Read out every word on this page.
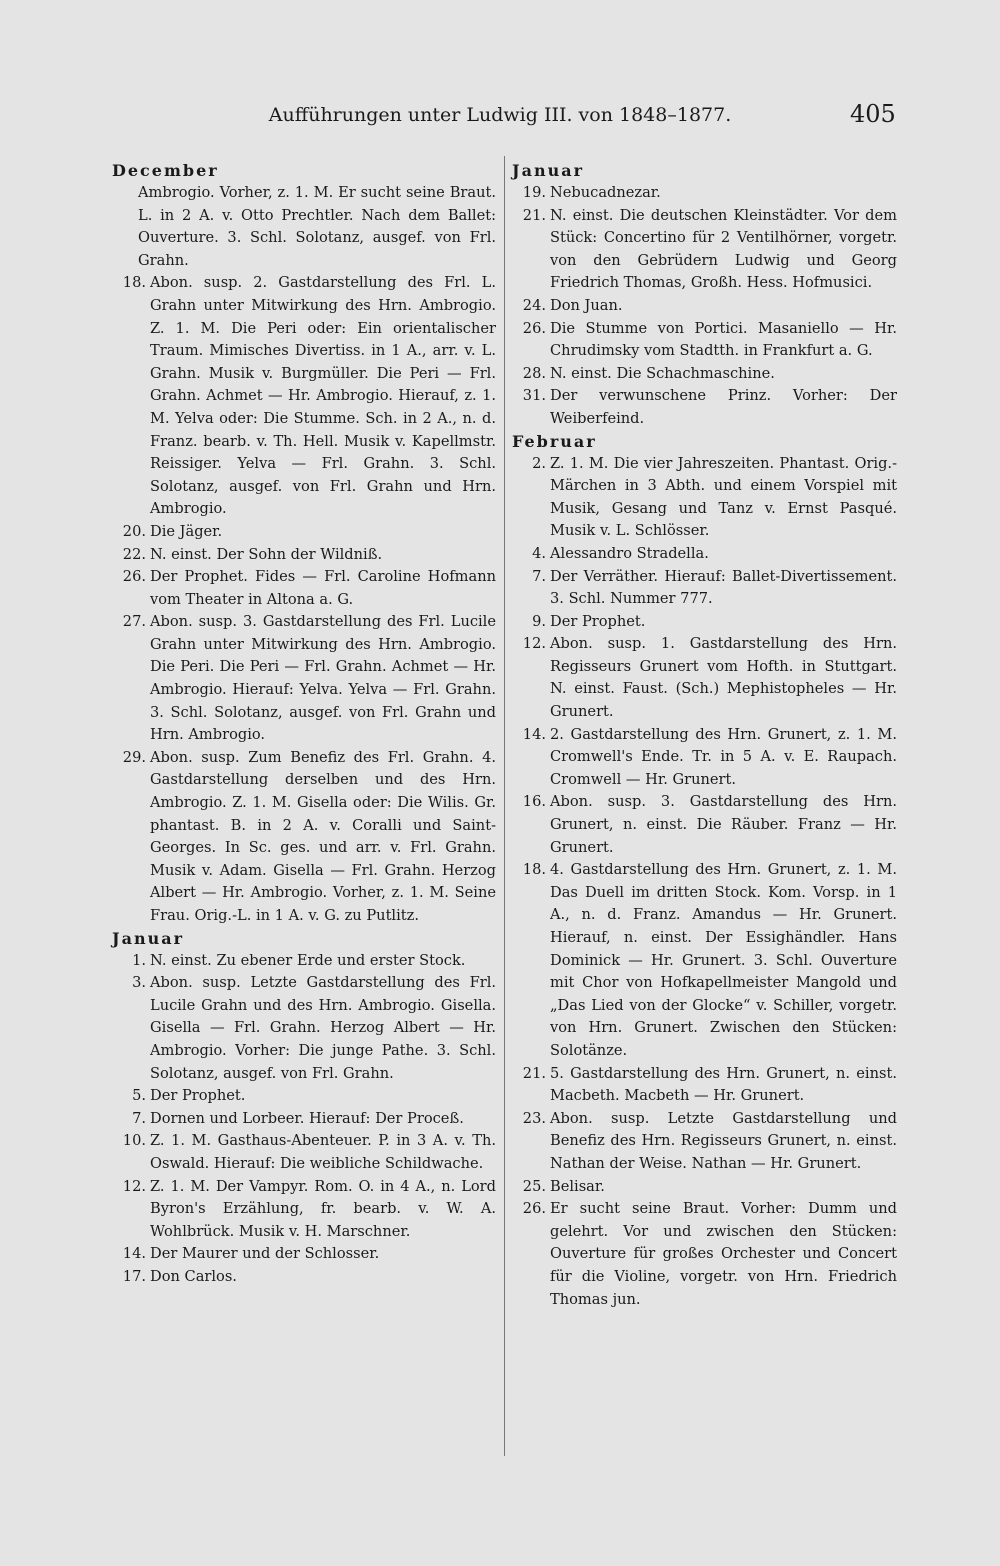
Aufführungen unter Ludwig III. von 1848–1877.	405
December
Ambrogio. Vorher, z. 1. M. Er sucht seine Braut. L. in 2 A. v. Otto Prechtler. Nach dem Ballet: Ouverture. 3. Schl. Solotanz, ausgef. von Frl. Grahn.
18. Abon. susp. 2. Gastdarstellung des Frl. L. Grahn unter Mitwirkung des Hrn. Ambrogio. Z. 1. M. Die Peri oder: Ein orientalischer Traum. Mimisches Divertiss. in 1 A., arr. v. L. Grahn. Musik v. Burgmüller. Die Peri — Frl. Grahn. Achmet — Hr. Ambrogio. Hierauf, z. 1. M. Yelva oder: Die Stumme. Sch. in 2 A., n. d. Franz. bearb. v. Th. Hell. Musik v. Kapellmstr. Reissiger. Yelva — Frl. Grahn. 3. Schl. Solotanz, ausgef. von Frl. Grahn und Hrn. Ambrogio.
20. Die Jäger.
22. N. einst. Der Sohn der Wildniß.
26. Der Prophet. Fides — Frl. Caroline Hofmann vom Theater in Altona a. G.
27. Abon. susp. 3. Gastdarstellung des Frl. Lucile Grahn unter Mitwirkung des Hrn. Ambrogio. Die Peri. Die Peri — Frl. Grahn. Achmet — Hr. Ambrogio. Hierauf: Yelva. Yelva — Frl. Grahn. 3. Schl. Solotanz, ausgef. von Frl. Grahn und Hrn. Ambrogio.
29. Abon. susp. Zum Benefiz des Frl. Grahn. 4. Gastdarstellung derselben und des Hrn. Ambrogio. Z. 1. M. Gisella oder: Die Wilis. Gr. phantast. B. in 2 A. v. Coralli und Saint-Georges. In Sc. ges. und arr. v. Frl. Grahn. Musik v. Adam. Gisella — Frl. Grahn. Herzog Albert — Hr. Ambrogio. Vorher, z. 1. M. Seine Frau. Orig.-L. in 1 A. v. G. zu Putlitz.
Januar
1. N. einst. Zu ebener Erde und erster Stock.
3. Abon. susp. Letzte Gastdarstellung des Frl. Lucile Grahn und des Hrn. Ambrogio. Gisella. Gisella — Frl. Grahn. Herzog Albert — Hr. Ambrogio. Vorher: Die junge Pathe. 3. Schl. Solotanz, ausgef. von Frl. Grahn.
5. Der Prophet.
7. Dornen und Lorbeer. Hierauf: Der Proceß.
10. Z. 1. M. Gasthaus-Abenteuer. P. in 3 A. v. Th. Oswald. Hierauf: Die weibliche Schildwache.
12. Z. 1. M. Der Vampyr. Rom. O. in 4 A., n. Lord Byron's Erzählung, fr. bearb. v. W. A. Wohlbrück. Musik v. H. Marschner.
14. Der Maurer und der Schlosser.
17. Don Carlos.
Januar
19. Nebucadnezar.
21. N. einst. Die deutschen Kleinstädter. Vor dem Stück: Concertino für 2 Ventilhörner, vorgetr. von den Gebrüdern Ludwig und Georg Friedrich Thomas, Großh. Hess. Hofmusici.
24. Don Juan.
26. Die Stumme von Portici. Masaniello — Hr. Chrudimsky vom Stadtth. in Frankfurt a. G.
28. N. einst. Die Schachmaschine.
31. Der verwunschene Prinz. Vorher: Der Weiberfeind.
Februar
2. Z. 1. M. Die vier Jahreszeiten. Phantast. Orig.-Märchen in 3 Abth. und einem Vorspiel mit Musik, Gesang und Tanz v. Ernst Pasqué. Musik v. L. Schlösser.
4. Alessandro Stradella.
7. Der Verräther. Hierauf: Ballet-Divertissement. 3. Schl. Nummer 777.
9. Der Prophet.
12. Abon. susp. 1. Gastdarstellung des Hrn. Regisseurs Grunert vom Hofth. in Stuttgart. N. einst. Faust. (Sch.) Mephistopheles — Hr. Grunert.
14. 2. Gastdarstellung des Hrn. Grunert, z. 1. M. Cromwell's Ende. Tr. in 5 A. v. E. Raupach. Cromwell — Hr. Grunert.
16. Abon. susp. 3. Gastdarstellung des Hrn. Grunert, n. einst. Die Räuber. Franz — Hr. Grunert.
18. 4. Gastdarstellung des Hrn. Grunert, z. 1. M. Das Duell im dritten Stock. Kom. Vorsp. in 1 A., n. d. Franz. Amandus — Hr. Grunert. Hierauf, n. einst. Der Essighändler. Hans Dominick — Hr. Grunert. 3. Schl. Ouverture mit Chor von Hofkapellmeister Mangold und „Das Lied von der Glocke“ v. Schiller, vorgetr. von Hrn. Grunert. Zwischen den Stücken: Solotänze.
21. 5. Gastdarstellung des Hrn. Grunert, n. einst. Macbeth. Macbeth — Hr. Grunert.
23. Abon. susp. Letzte Gastdarstellung und Benefiz des Hrn. Regisseurs Grunert, n. einst. Nathan der Weise. Nathan — Hr. Grunert.
25. Belisar.
26. Er sucht seine Braut. Vorher: Dumm und gelehrt. Vor und zwischen den Stücken: Ouverture für großes Orchester und Concert für die Violine, vorgetr. von Hrn. Friedrich Thomas jun.
